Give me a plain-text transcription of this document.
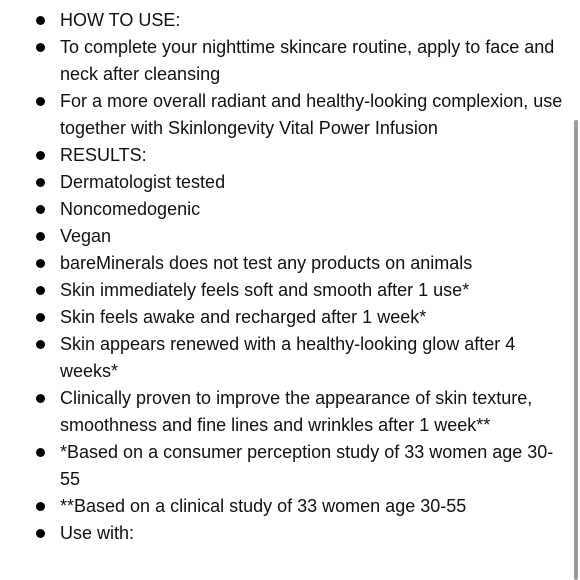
HOW TO USE:
To complete your nighttime skincare routine, apply to face and neck after cleansing
For a more overall radiant and healthy-looking complexion, use together with Skinlongevity Vital Power Infusion
RESULTS:
Dermatologist tested
Noncomedogenic
Vegan
bareMinerals does not test any products on animals
Skin immediately feels soft and smooth after 1 use*
Skin feels awake and recharged after 1 week*
Skin appears renewed with a healthy-looking glow after 4 weeks*
Clinically proven to improve the appearance of skin texture, smoothness and fine lines and wrinkles after 1 week**
*Based on a consumer perception study of 33 women age 30-55
**Based on a clinical study of 33 women age 30-55
Use with:
